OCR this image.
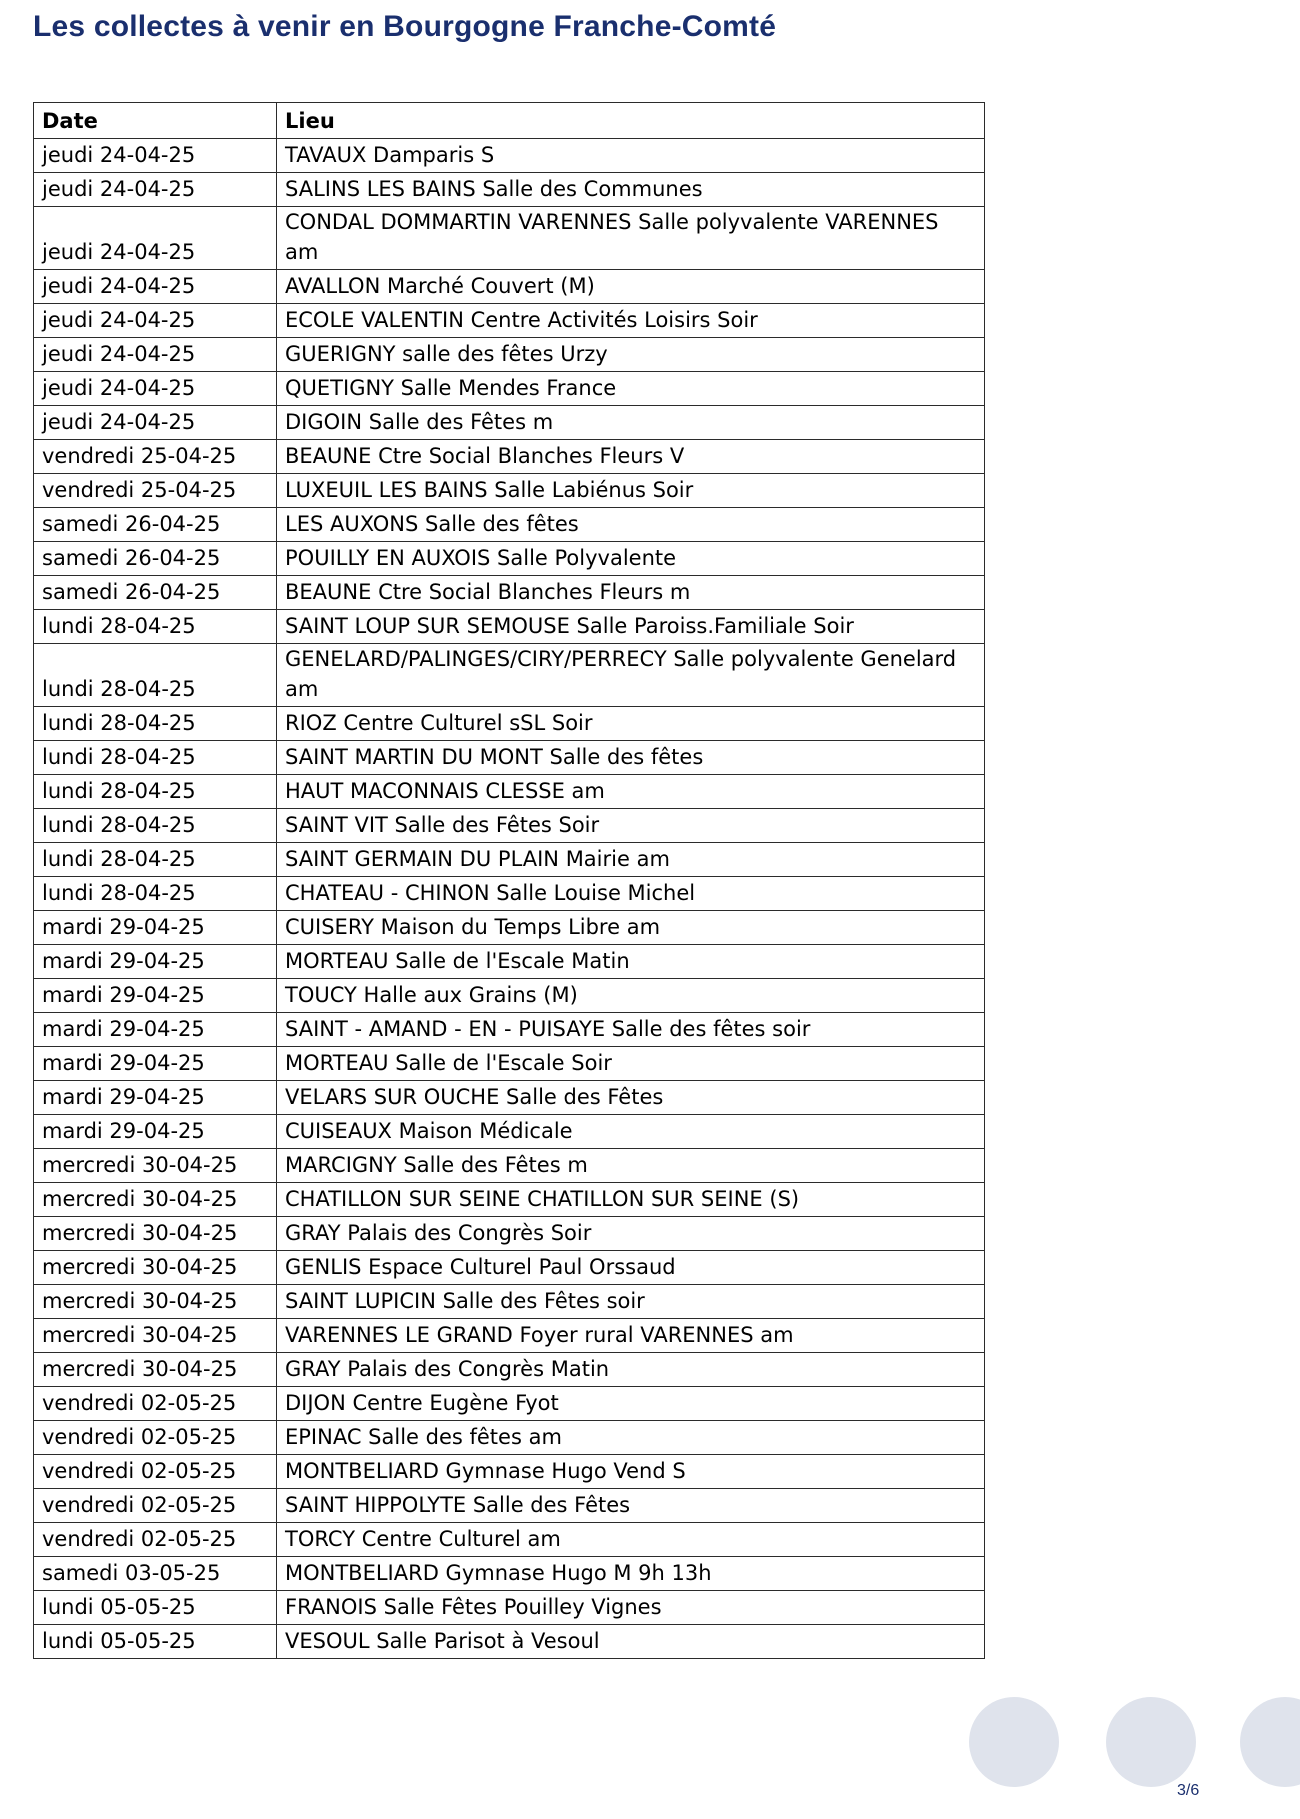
Les collectes à venir en Bourgogne Franche-Comté
Date	Lieu
jeudi 24-04-25	TAVAUX Damparis S
jeudi 24-04-25	SALINS LES BAINS Salle des Communes
jeudi 24-04-25	CONDAL DOMMARTIN VARENNES Salle polyvalente VARENNES am
jeudi 24-04-25	AVALLON Marché Couvert (M)
jeudi 24-04-25	ECOLE VALENTIN Centre Activités Loisirs Soir
jeudi 24-04-25	GUERIGNY salle des fêtes Urzy
jeudi 24-04-25	QUETIGNY Salle Mendes France
jeudi 24-04-25	DIGOIN Salle des Fêtes m
vendredi 25-04-25	BEAUNE Ctre Social Blanches Fleurs V
vendredi 25-04-25	LUXEUIL LES BAINS Salle Labiénus Soir
samedi 26-04-25	LES AUXONS Salle des fêtes
samedi 26-04-25	POUILLY EN AUXOIS Salle Polyvalente
samedi 26-04-25	BEAUNE Ctre Social Blanches Fleurs m
lundi 28-04-25	SAINT LOUP SUR SEMOUSE Salle Paroiss.Familiale Soir
lundi 28-04-25	GENELARD/PALINGES/CIRY/PERRECY Salle polyvalente Genelard am
lundi 28-04-25	RIOZ Centre Culturel sSL Soir
lundi 28-04-25	SAINT MARTIN DU MONT Salle des fêtes
lundi 28-04-25	HAUT MACONNAIS CLESSE am
lundi 28-04-25	SAINT VIT Salle des Fêtes Soir
lundi 28-04-25	SAINT GERMAIN DU PLAIN Mairie am
lundi 28-04-25	CHATEAU - CHINON Salle Louise Michel
mardi 29-04-25	CUISERY Maison du Temps Libre am
mardi 29-04-25	MORTEAU Salle de l'Escale Matin
mardi 29-04-25	TOUCY Halle aux Grains (M)
mardi 29-04-25	SAINT - AMAND - EN - PUISAYE Salle des fêtes soir
mardi 29-04-25	MORTEAU Salle de l'Escale Soir
mardi 29-04-25	VELARS SUR OUCHE Salle des Fêtes
mardi 29-04-25	CUISEAUX Maison Médicale
mercredi 30-04-25	MARCIGNY Salle des Fêtes m
mercredi 30-04-25	CHATILLON SUR SEINE CHATILLON SUR SEINE (S)
mercredi 30-04-25	GRAY Palais des Congrès Soir
mercredi 30-04-25	GENLIS Espace Culturel Paul Orssaud
mercredi 30-04-25	SAINT LUPICIN Salle des Fêtes soir
mercredi 30-04-25	VARENNES LE GRAND Foyer rural VARENNES am
mercredi 30-04-25	GRAY Palais des Congrès Matin
vendredi 02-05-25	DIJON Centre Eugène Fyot
vendredi 02-05-25	EPINAC Salle des fêtes am
vendredi 02-05-25	MONTBELIARD Gymnase Hugo Vend S
vendredi 02-05-25	SAINT HIPPOLYTE Salle des Fêtes
vendredi 02-05-25	TORCY Centre Culturel am
samedi 03-05-25	MONTBELIARD Gymnase Hugo M 9h 13h
lundi 05-05-25	FRANOIS Salle Fêtes Pouilley Vignes
lundi 05-05-25	VESOUL Salle Parisot à Vesoul
3/6
